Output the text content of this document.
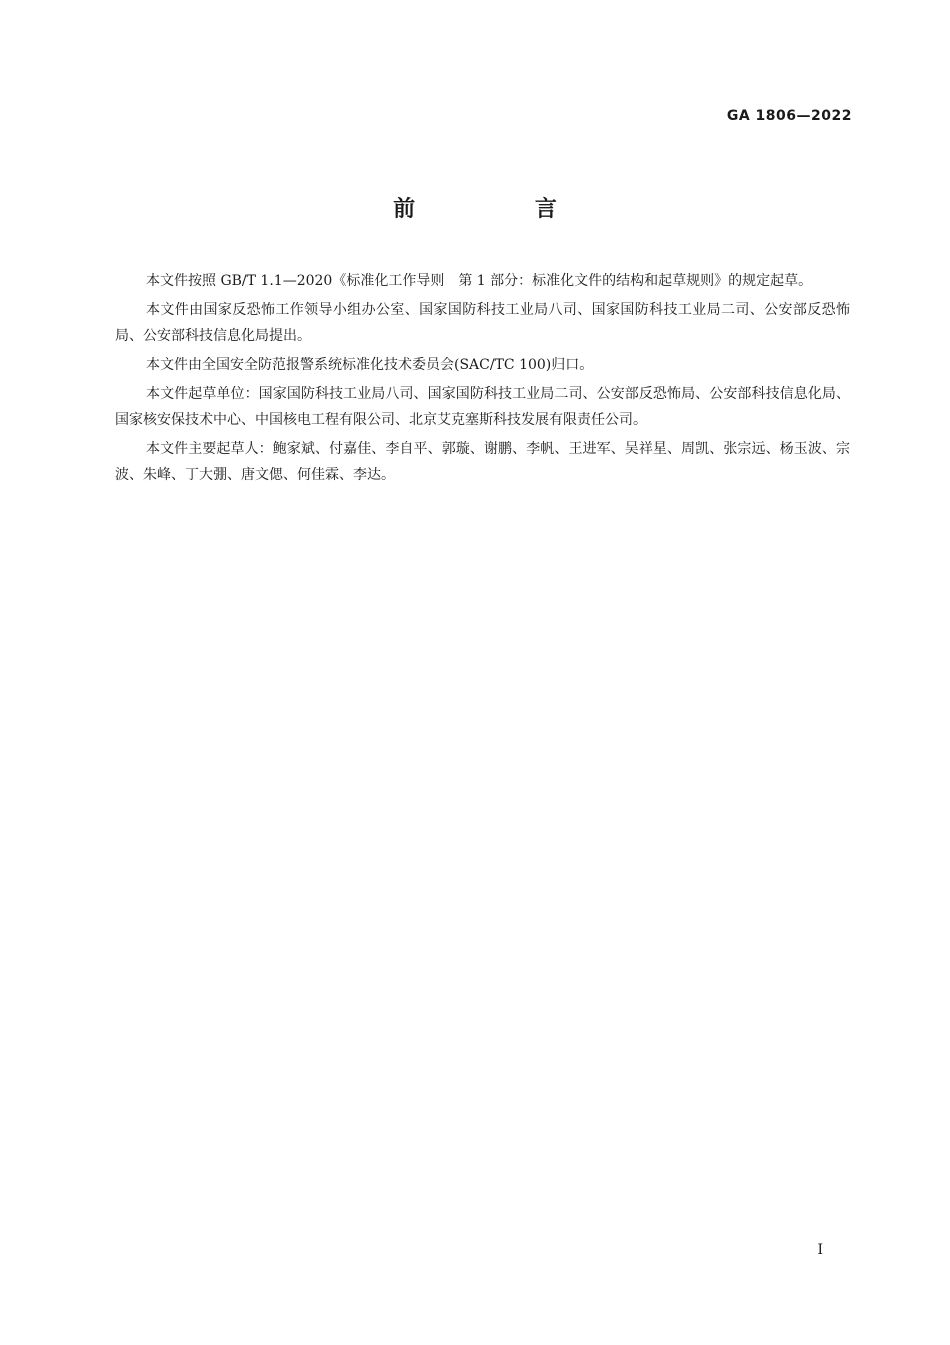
GA 1806—2022
前 言

本文件按照 GB/T 1.1—2020《标准化工作导则　第 1 部分：标准化文件的结构和起草规则》的规定起草。

本文件由国家反恐怖工作领导小组办公室、国家国防科技工业局八司、国家国防科技工业局二司、公安部反恐怖局、公安部科技信息化局提出。

本文件由全国安全防范报警系统标准化技术委员会(SAC/TC 100)归口。

本文件起草单位：国家国防科技工业局八司、国家国防科技工业局二司、公安部反恐怖局、公安部科技信息化局、国家核安保技术中心、中国核电工程有限公司、北京艾克塞斯科技发展有限责任公司。

本文件主要起草人：鲍家斌、付嘉佳、李自平、郭璇、谢鹏、李帆、王进军、吴祥星、周凯、张宗远、杨玉波、宗波、朱峰、丁大弸、唐文偲、何佳霖、李达。

I
